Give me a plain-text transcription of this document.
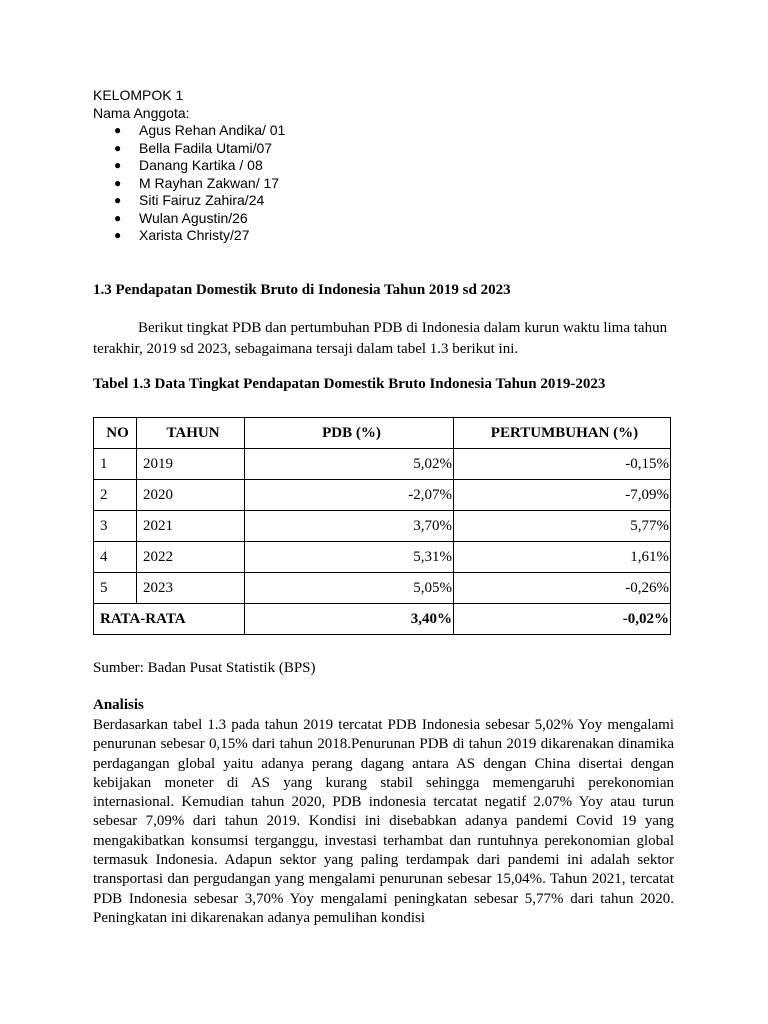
KELOMPOK 1
Nama Anggota:
● Agus Rehan Andika/ 01
● Bella Fadila Utami/07
● Danang Kartika / 08
● M Rayhan Zakwan/ 17
● Siti Fairuz Zahira/24
● Wulan Agustin/26
● Xarista Christy/27
1.3 Pendapatan Domestik Bruto di Indonesia Tahun 2019 sd 2023
Berikut tingkat PDB dan pertumbuhan PDB di Indonesia dalam kurun waktu lima tahun terakhir, 2019 sd 2023, sebagaimana tersaji dalam tabel 1.3 berikut ini.
Tabel 1.3 Data Tingkat Pendapatan Domestik Bruto Indonesia Tahun 2019-2023
NO	TAHUN	PDB (%)	PERTUMBUHAN (%)
1	2019	5,02%	-0,15%
2	2020	-2,07%	-7,09%
3	2021	3,70%	5,77%
4	2022	5,31%	1,61%
5	2023	5,05%	-0,26%
RATA-RATA		3,40%	-0,02%
Sumber: Badan Pusat Statistik (BPS)
Analisis
Berdasarkan tabel 1.3 pada tahun 2019 tercatat PDB Indonesia sebesar 5,02% Yoy mengalami penurunan sebesar 0,15% dari tahun 2018.Penurunan PDB di tahun 2019 dikarenakan dinamika perdagangan global yaitu adanya perang dagang antara AS dengan China disertai dengan kebijakan moneter di AS yang kurang stabil sehingga memengaruhi perekonomian internasional. Kemudian tahun 2020, PDB indonesia tercatat negatif 2.07% Yoy atau turun sebesar 7,09% dari tahun 2019. Kondisi ini disebabkan adanya pandemi Covid 19 yang mengakibatkan konsumsi terganggu, investasi terhambat dan runtuhnya perekonomian global termasuk Indonesia. Adapun sektor yang paling terdampak dari pandemi ini adalah sektor transportasi dan pergudangan yang mengalami penurunan sebesar 15,04%. Tahun 2021, tercatat PDB Indonesia sebesar 3,70% Yoy mengalami peningkatan sebesar 5,77% dari tahun 2020. Peningkatan ini dikarenakan adanya pemulihan kondisi
